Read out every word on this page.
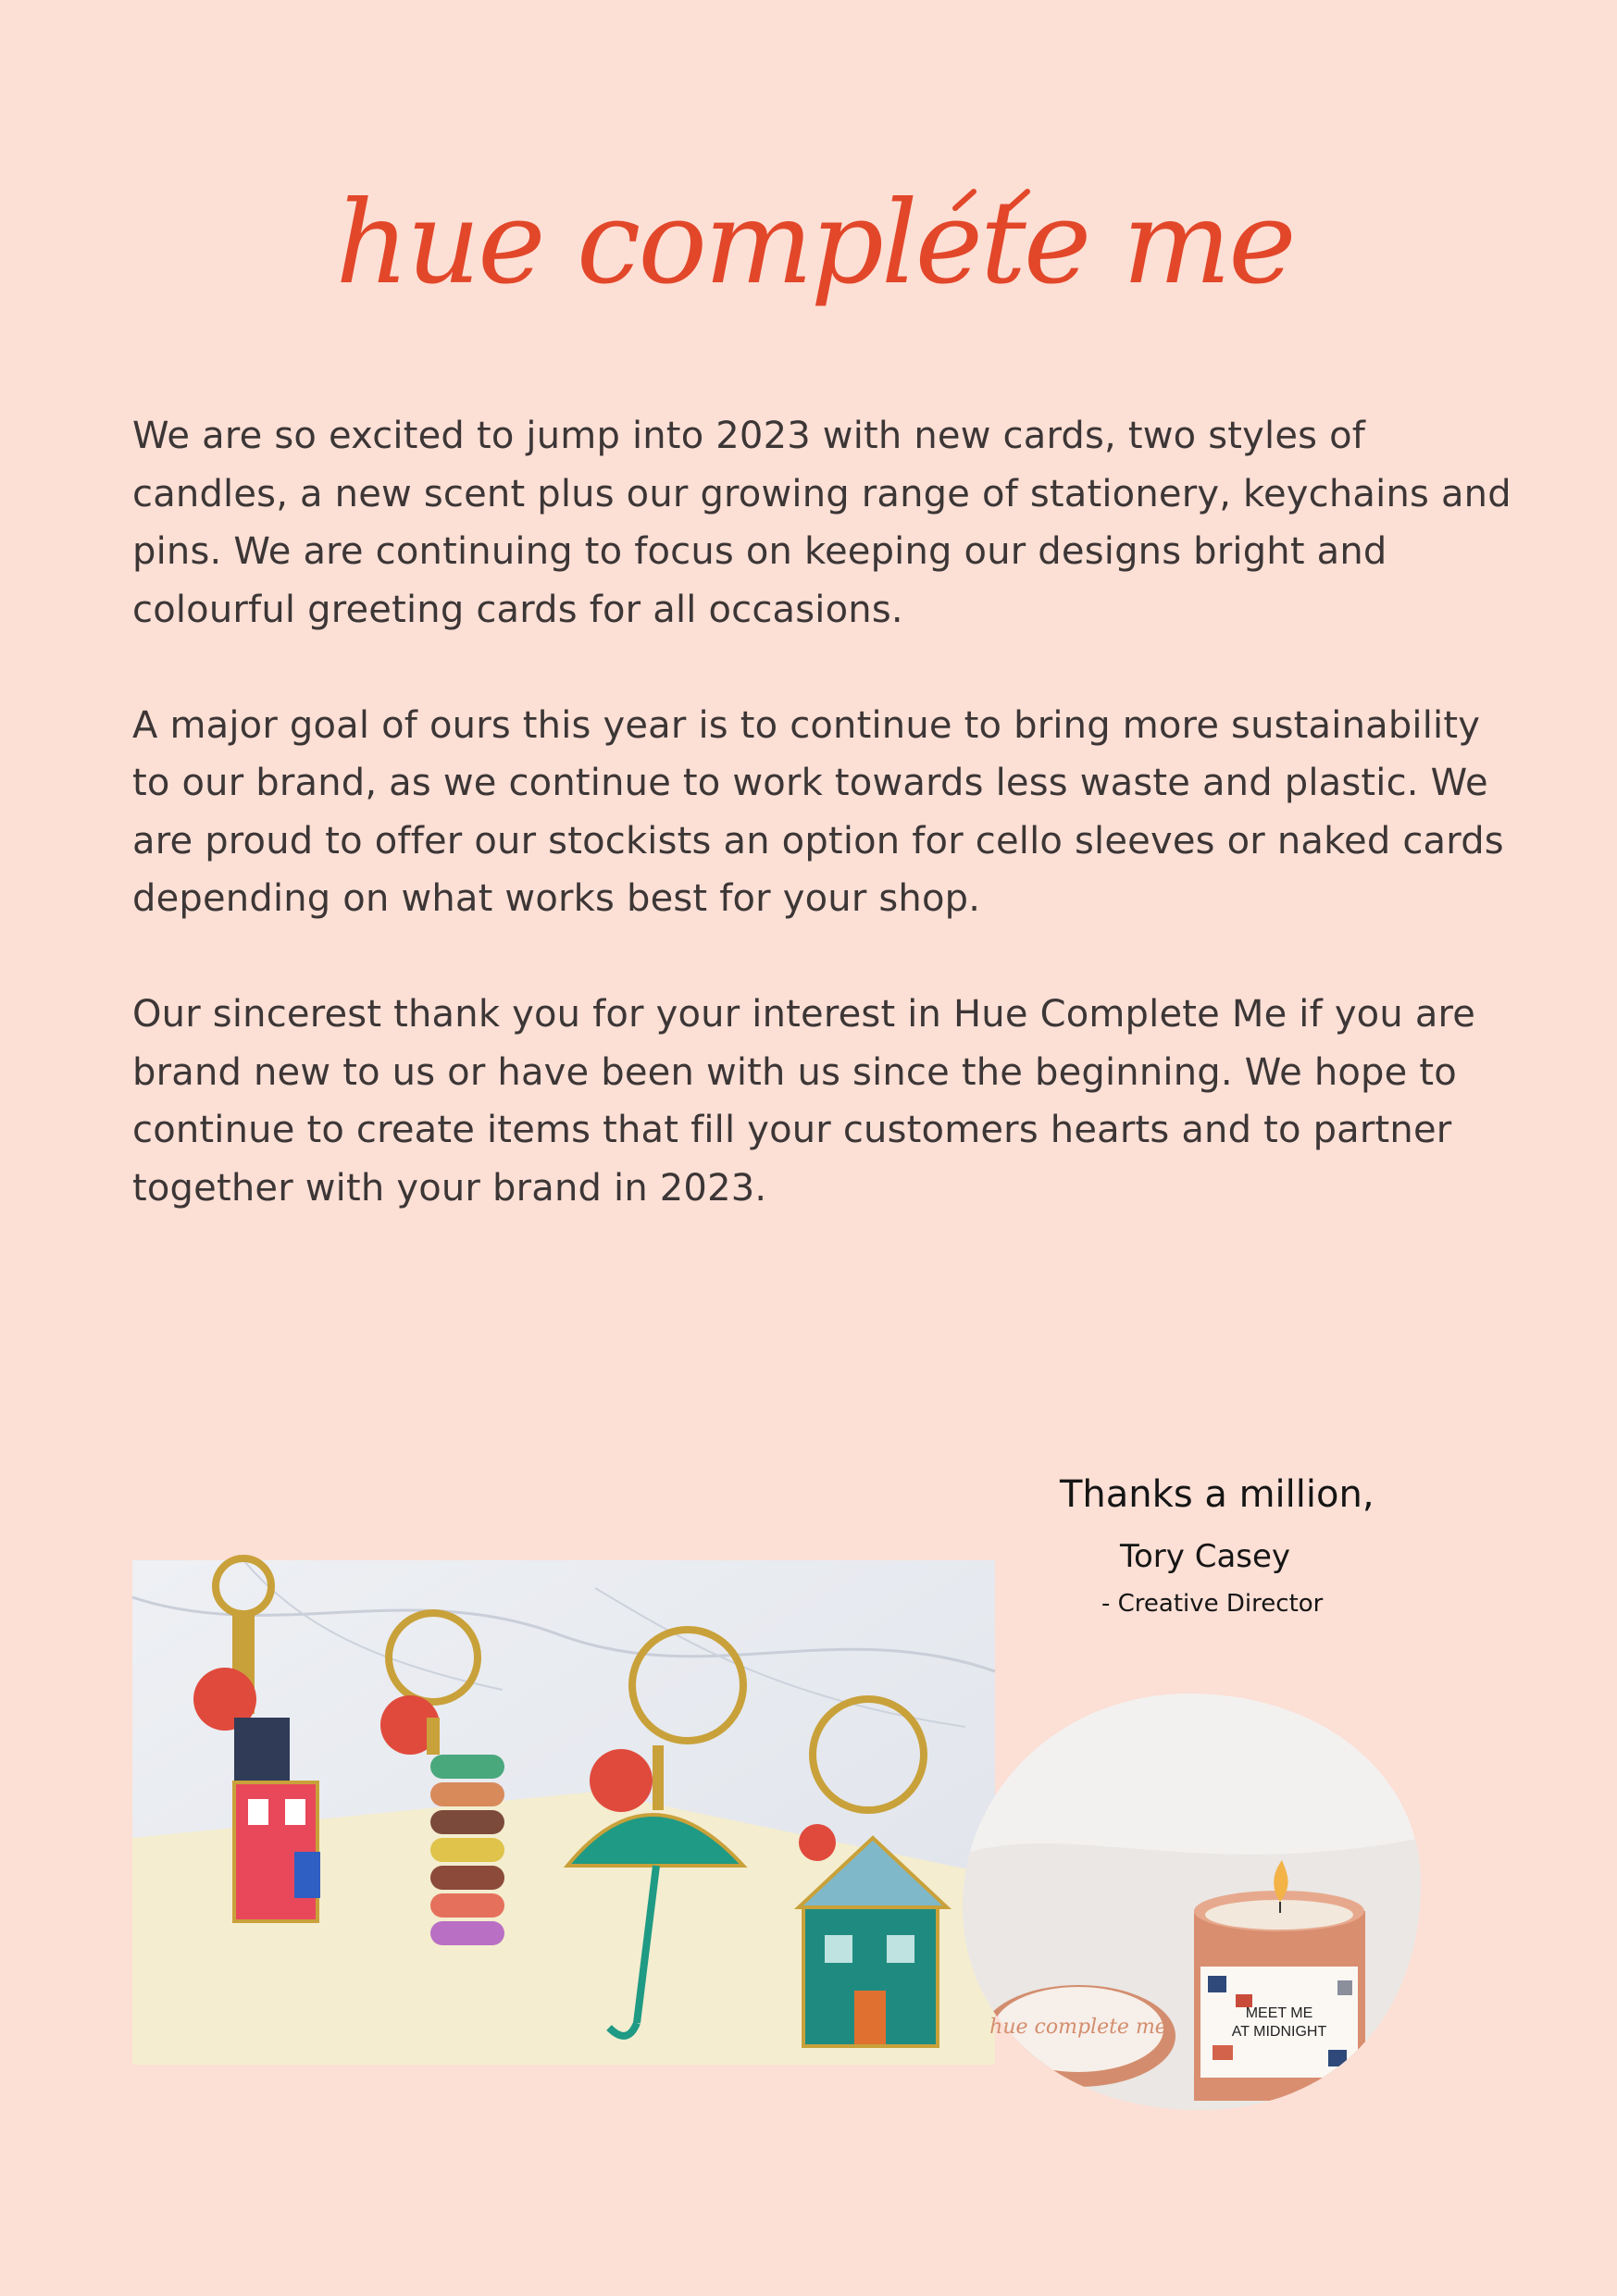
hue complete me

We are so excited to jump into 2023 with new cards, two styles of candles, a new scent plus our growing range of stationery, keychains and pins. We are continuing to focus on keeping our designs bright and colourful greeting cards for all occasions.

A major goal of ours this year is to continue to bring more sustainability to our brand, as we continue to work towards less waste and plastic. We are proud to offer our stockists an option for cello sleeves or naked cards depending on what works best for your shop.

Our sincerest thank you for your interest in Hue Complete Me if you are brand new to us or have been with us since the beginning. We hope to continue to create items that fill your customers hearts and to partner together with your brand in 2023.

Thanks a million,
Tory Casey
- Creative Director
MEET ME
AT MIDNIGHT
hue complete me
